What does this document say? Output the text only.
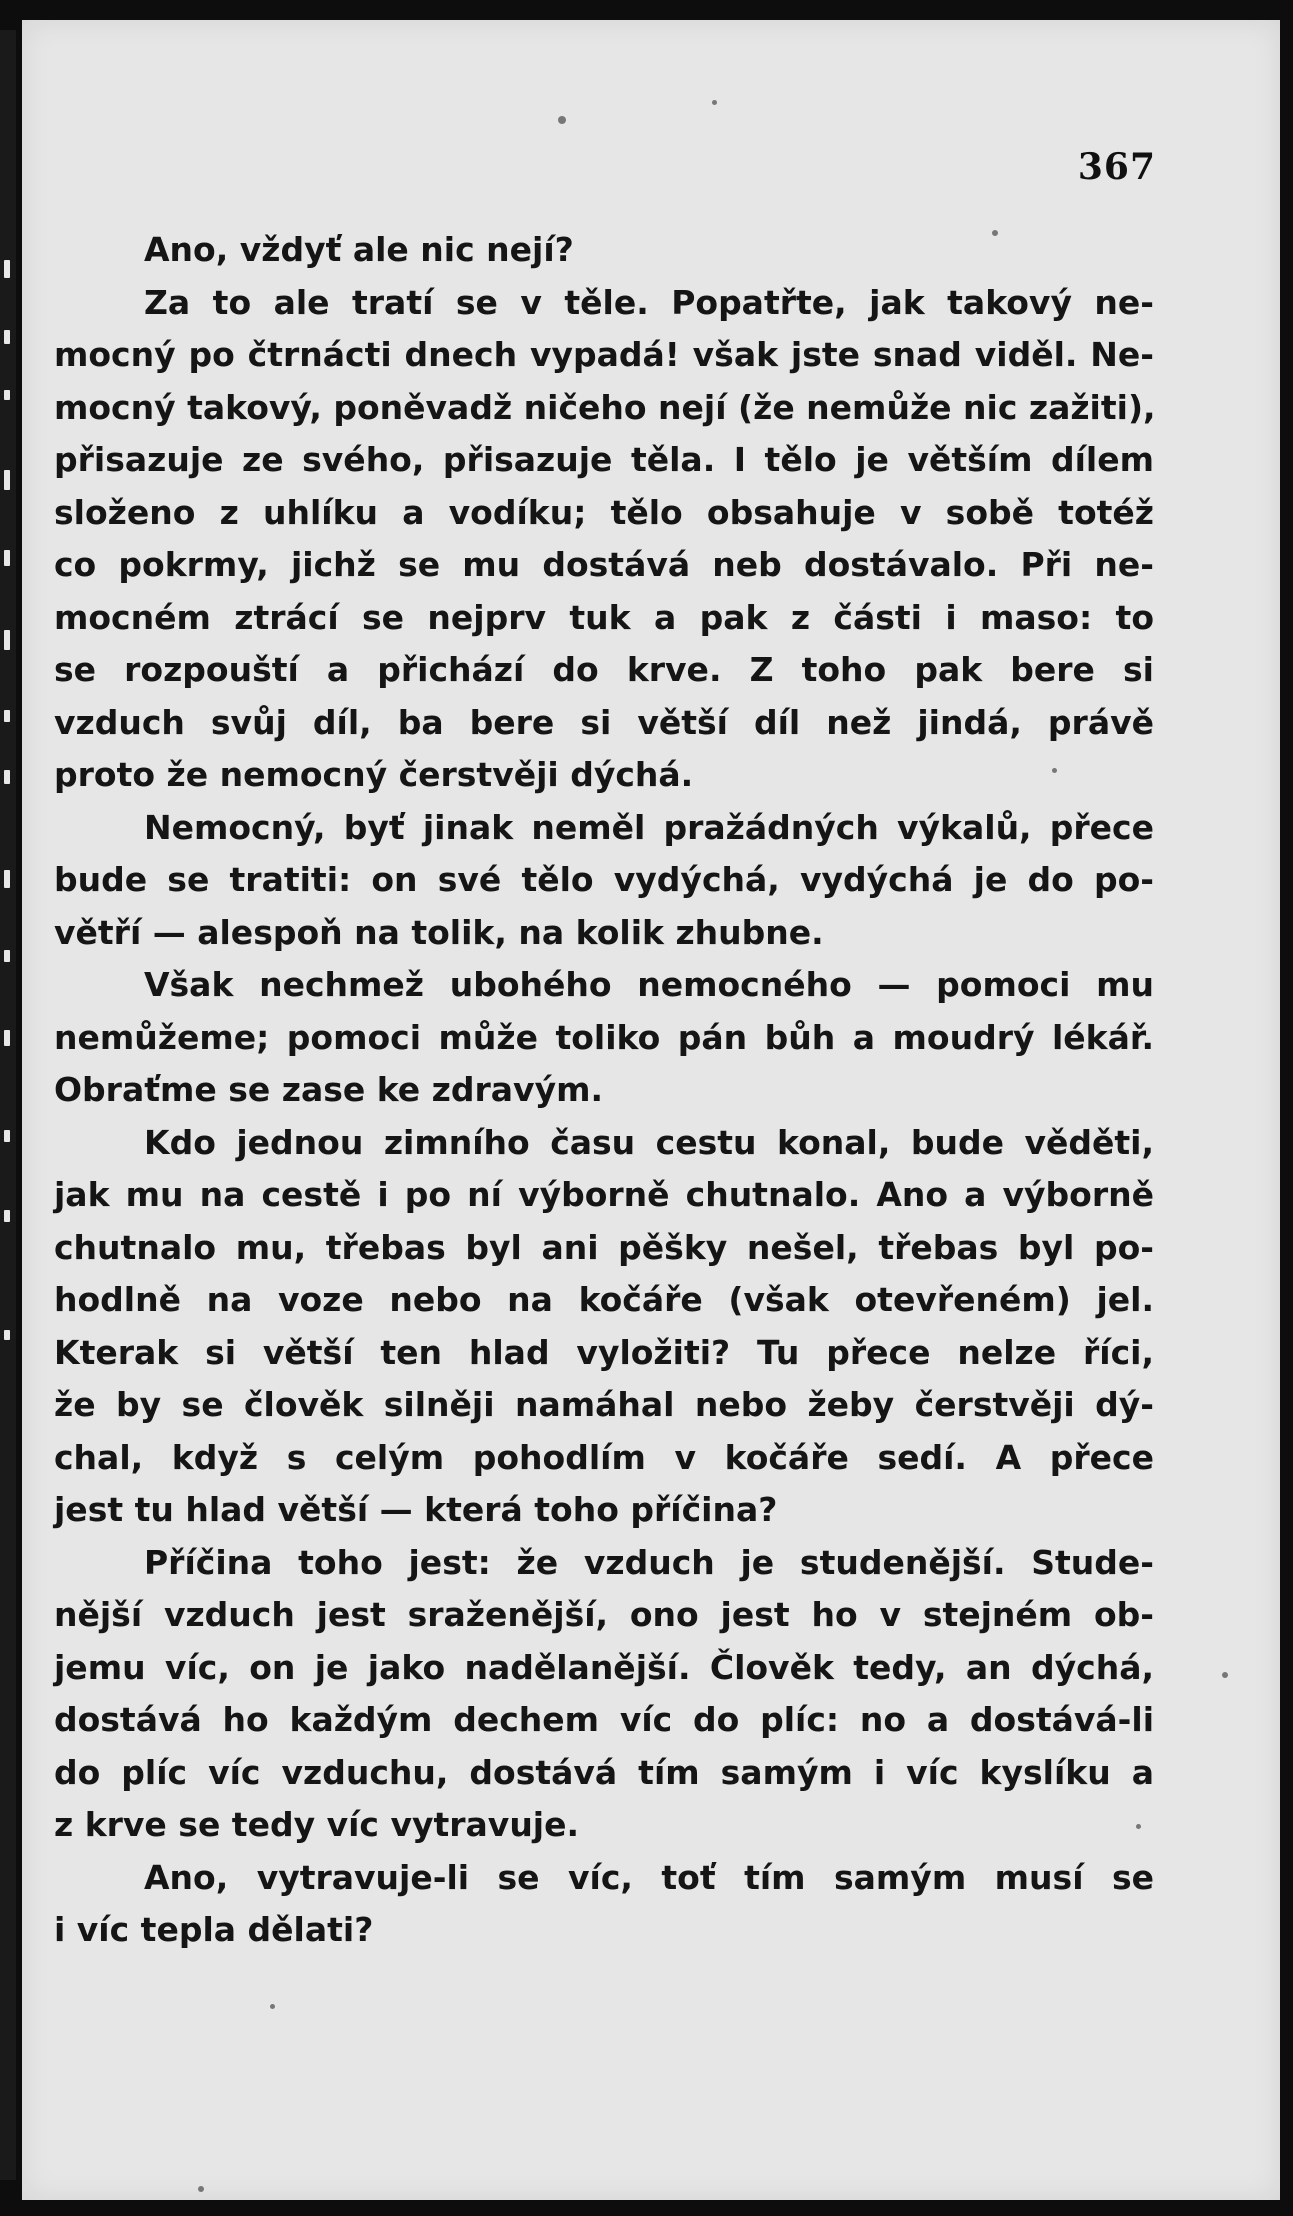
367
Ano, vždyť ale nic nejí?
Za to ale tratí se v těle. Popatřte, jak takový ne-
mocný po čtrnácti dnech vypadá! však jste snad viděl. Ne-
mocný takový, poněvadž ničeho nejí (že nemůže nic zažiti),
přisazuje ze svého, přisazuje těla. I tělo je větším dílem
složeno z uhlíku a vodíku; tělo obsahuje v sobě totéž
co pokrmy, jichž se mu dostává neb dostávalo. Při ne-
mocném ztrácí se nejprv tuk a pak z části i maso: to
se rozpouští a přichází do krve. Z toho pak bere si
vzduch svůj díl, ba bere si větší díl než jindá, právě
proto že nemocný čerstvěji dýchá.
Nemocný, byť jinak neměl pražádných výkalů, přece
bude se tratiti: on své tělo vydýchá, vydýchá je do po-
větří — alespoň na tolik, na kolik zhubne.
Však nechmež ubohého nemocného — pomoci mu
nemůžeme; pomoci může toliko pán bůh a moudrý lékář.
Obraťme se zase ke zdravým.
Kdo jednou zimního času cestu konal, bude věděti,
jak mu na cestě i po ní výborně chutnalo. Ano a výborně
chutnalo mu, třebas byl ani pěšky nešel, třebas byl po-
hodlně na voze nebo na kočáře (však otevřeném) jel.
Kterak si větší ten hlad vyložiti? Tu přece nelze říci,
že by se člověk silněji namáhal nebo žeby čerstvěji dý-
chal, když s celým pohodlím v kočáře sedí. A přece
jest tu hlad větší — která toho příčina?
Příčina toho jest: že vzduch je studenější. Stude-
nější vzduch jest sraženější, ono jest ho v stejném ob-
jemu víc, on je jako nadělanější. Člověk tedy, an dýchá,
dostává ho každým dechem víc do plíc: no a dostává-li
do plíc víc vzduchu, dostává tím samým i víc kyslíku a
z krve se tedy víc vytravuje.
Ano, vytravuje-li se víc, toť tím samým musí se
i víc tepla dělati?
